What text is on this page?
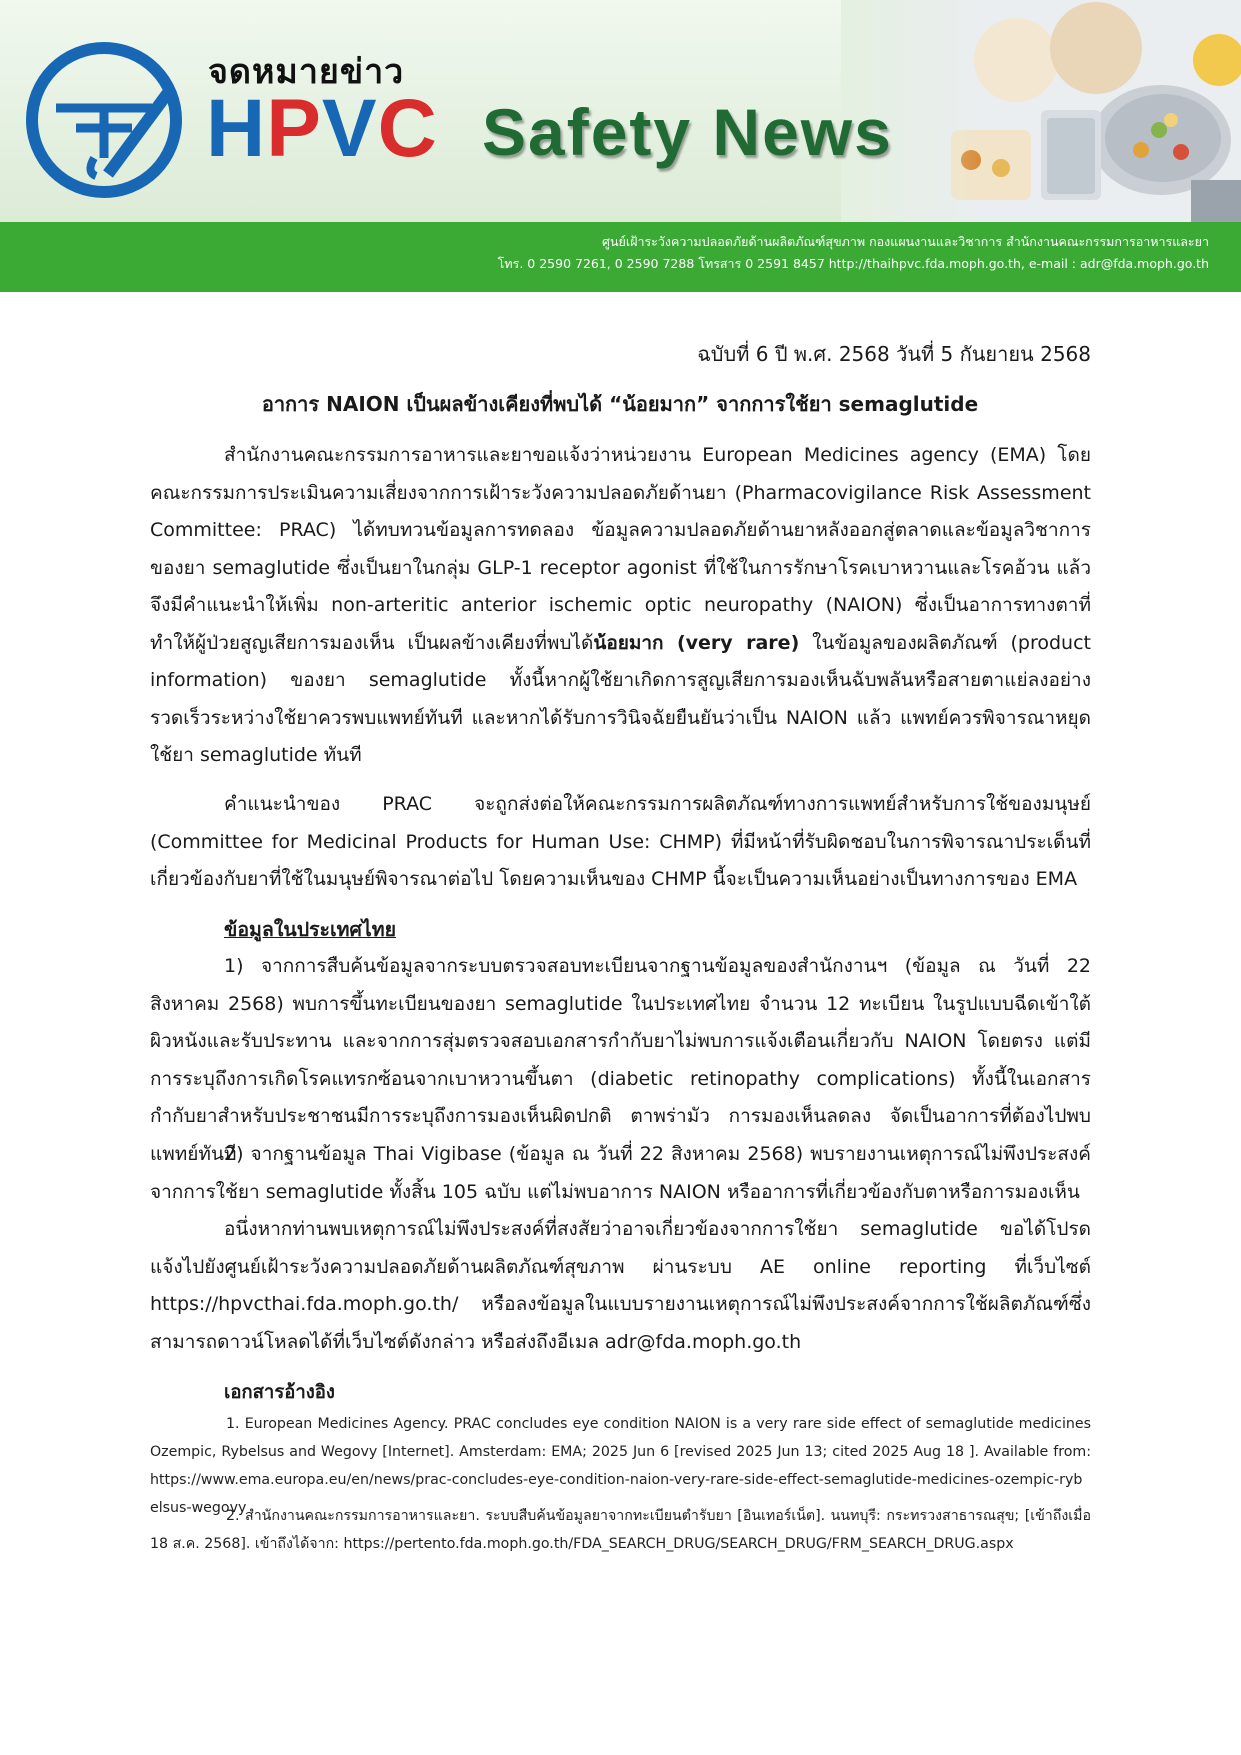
จดหมายข่าว
HPVC Safety News
ศูนย์เฝ้าระวังความปลอดภัยด้านผลิตภัณฑ์สุขภาพ กองแผนงานและวิชาการ สำนักงานคณะกรรมการอาหารและยา
โทร. 0 2590 7261, 0 2590 7288 โทรสาร 0 2591 8457 http://thaihpvc.fda.moph.go.th, e-mail : adr@fda.moph.go.th
ฉบับที่ 6 ปี พ.ศ. 2568 วันที่ 5 กันยายน 2568
อาการ NAION เป็นผลข้างเคียงที่พบได้ “น้อยมาก” จากการใช้ยา semaglutide

สำนักงานคณะกรรมการอาหารและยาขอแจ้งว่าหน่วยงาน European Medicines agency (EMA) โดยคณะกรรมการประเมินความเสี่ยงจากการเฝ้าระวังความปลอดภัยด้านยา (Pharmacovigilance Risk Assessment Committee: PRAC) ได้ทบทวนข้อมูลการทดลอง ข้อมูลความปลอดภัยด้านยาหลังออกสู่ตลาดและข้อมูลวิชาการของยา semaglutide ซึ่งเป็นยาในกลุ่ม GLP-1 receptor agonist ที่ใช้ในการรักษาโรคเบาหวานและโรคอ้วน แล้วจึงมีคำแนะนำให้เพิ่ม non-arteritic anterior ischemic optic neuropathy (NAION) ซึ่งเป็นอาการทางตาที่ทำให้ผู้ป่วยสูญเสียการมองเห็น เป็นผลข้างเคียงที่พบได้น้อยมาก (very rare) ในข้อมูลของผลิตภัณฑ์ (product information) ของยา semaglutide ทั้งนี้หากผู้ใช้ยาเกิดการสูญเสียการมองเห็นฉับพลันหรือสายตาแย่ลงอย่างรวดเร็วระหว่างใช้ยาควรพบแพทย์ทันที และหากได้รับการวินิจฉัยยืนยันว่าเป็น NAION แล้ว แพทย์ควรพิจารณาหยุดใช้ยา semaglutide ทันที

คำแนะนำของ PRAC จะถูกส่งต่อให้คณะกรรมการผลิตภัณฑ์ทางการแพทย์สำหรับการใช้ของมนุษย์ (Committee for Medicinal Products for Human Use: CHMP) ที่มีหน้าที่รับผิดชอบในการพิจารณาประเด็นที่เกี่ยวข้องกับยาที่ใช้ในมนุษย์พิจารณาต่อไป โดยความเห็นของ CHMP นี้จะเป็นความเห็นอย่างเป็นทางการของ EMA

ข้อมูลในประเทศไทย

1) จากการสืบค้นข้อมูลจากระบบตรวจสอบทะเบียนจากฐานข้อมูลของสำนักงานฯ (ข้อมูล ณ วันที่ 22 สิงหาคม 2568) พบการขึ้นทะเบียนของยา semaglutide ในประเทศไทย จำนวน 12 ทะเบียน ในรูปแบบฉีดเข้าใต้ผิวหนังและรับประทาน และจากการสุ่มตรวจสอบเอกสารกำกับยาไม่พบการแจ้งเตือนเกี่ยวกับ NAION โดยตรง แต่มีการระบุถึงการเกิดโรคแทรกซ้อนจากเบาหวานขึ้นตา (diabetic retinopathy complications) ทั้งนี้ในเอกสารกำกับยาสำหรับประชาชนมีการระบุถึงการมองเห็นผิดปกติ ตาพร่ามัว การมองเห็นลดลง จัดเป็นอาการที่ต้องไปพบแพทย์ทันที

2) จากฐานข้อมูล Thai Vigibase (ข้อมูล ณ วันที่ 22 สิงหาคม 2568) พบรายงานเหตุการณ์ไม่พึงประสงค์จากการใช้ยา semaglutide ทั้งสิ้น 105 ฉบับ แต่ไม่พบอาการ NAION หรืออาการที่เกี่ยวข้องกับตาหรือการมองเห็น

อนึ่งหากท่านพบเหตุการณ์ไม่พึงประสงค์ที่สงสัยว่าอาจเกี่ยวข้องจากการใช้ยา semaglutide ขอได้โปรดแจ้งไปยังศูนย์เฝ้าระวังความปลอดภัยด้านผลิตภัณฑ์สุขภาพ ผ่านระบบ AE online reporting ที่เว็บไซต์ https://hpvcthai.fda.moph.go.th/ หรือลงข้อมูลในแบบรายงานเหตุการณ์ไม่พึงประสงค์จากการใช้ผลิตภัณฑ์ซึ่งสามารถดาวน์โหลดได้ที่เว็บไซต์ดังกล่าว หรือส่งถึงอีเมล adr@fda.moph.go.th

เอกสารอ้างอิง

1. European Medicines Agency. PRAC concludes eye condition NAION is a very rare side effect of semaglutide medicines Ozempic, Rybelsus and Wegovy [Internet]. Amsterdam: EMA; 2025 Jun 6 [revised 2025 Jun 13; cited 2025 Aug 18 ]. Available from: https://www.ema.europa.eu/en/news/prac-concludes-eye-condition-naion-very-rare-side-effect-semaglutide-medicines-ozempic-rybelsus-wegovy

2. สำนักงานคณะกรรมการอาหารและยา. ระบบสืบค้นข้อมูลยาจากทะเบียนตำรับยา [อินเทอร์เน็ต]. นนทบุรี: กระทรวงสาธารณสุข; [เข้าถึงเมื่อ 18 ส.ค. 2568]. เข้าถึงได้จาก: https://pertento.fda.moph.go.th/FDA_SEARCH_DRUG/SEARCH_DRUG/FRM_SEARCH_DRUG.aspx
